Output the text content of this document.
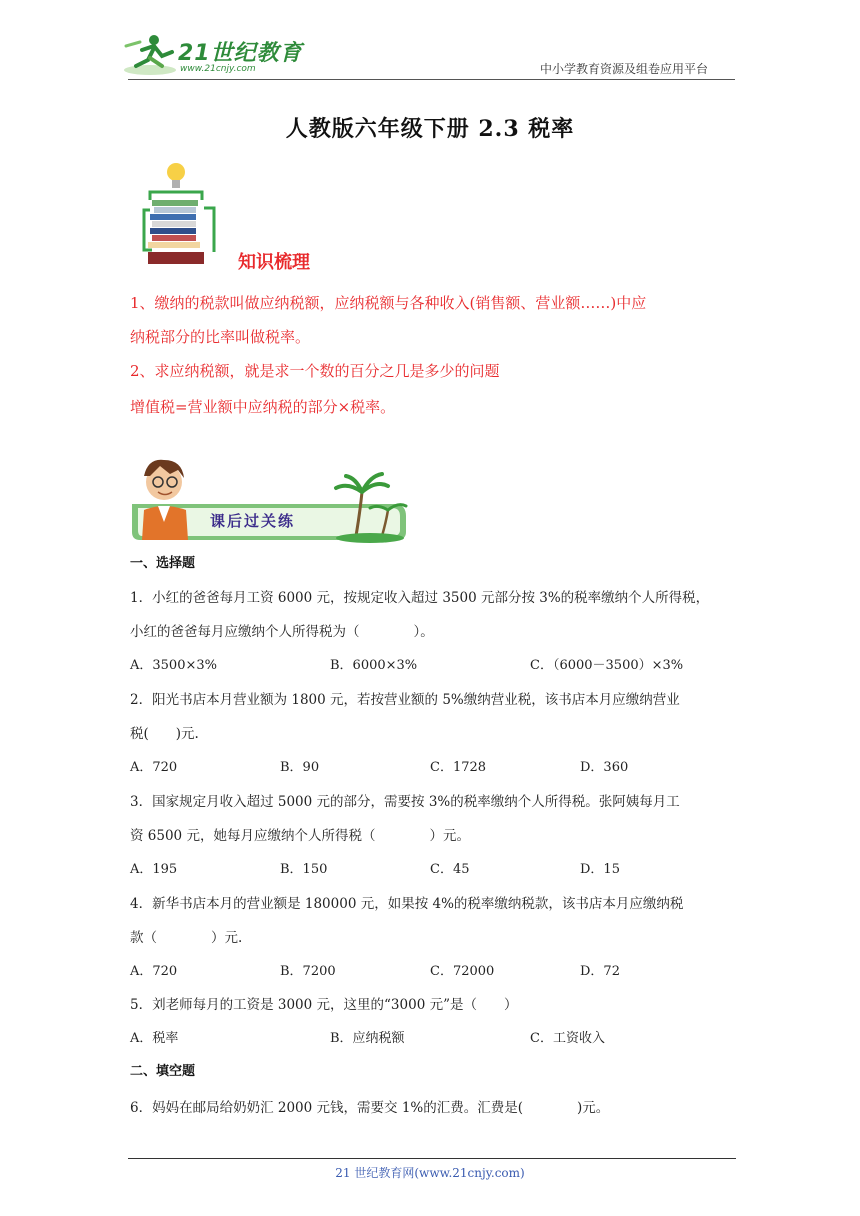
21世纪教育
www.21cnjy.com	中小学教育资源及组卷应用平台
人教版六年级下册 2.3 税率
知识梳理
1、缴纳的税款叫做应纳税额，应纳税额与各种收入(销售额、营业额……)中应
纳税部分的比率叫做税率。
2、求应纳税额，就是求一个数的百分之几是多少的问题
增值税=营业额中应纳税的部分×税率。
课后过关练
一、选择题
1．小红的爸爸每月工资 6000 元，按规定收入超过 3500 元部分按 3%的税率缴纳个人所得税，
小红的爸爸每月应缴纳个人所得税为（　　　　）。
A．3500×3%	B．6000×3%	C．（6000－3500）×3%
2．阳光书店本月营业额为 1800 元，若按营业额的 5%缴纳营业税，该书店本月应缴纳营业
税(　　)元.
A．720	B．90	C．1728	D．360
3．国家规定月收入超过 5000 元的部分，需要按 3%的税率缴纳个人所得税。张阿姨每月工
资 6500 元，她每月应缴纳个人所得税（　　　　）元。
A．195	B．150	C．45	D．15
4．新华书店本月的营业额是 180000 元，如果按 4%的税率缴纳税款，该书店本月应缴纳税
款（　　　　）元.
A．720	B．7200	C．72000	D．72
5．刘老师每月的工资是 3000 元，这里的“3000 元”是（　　）
A．税率	B．应纳税额	C．工资收入
二、填空题
6．妈妈在邮局给奶奶汇 2000 元钱，需要交 1%的汇费。汇费是(　　　　)元。
21 世纪教育网(www.21cnjy.com)
